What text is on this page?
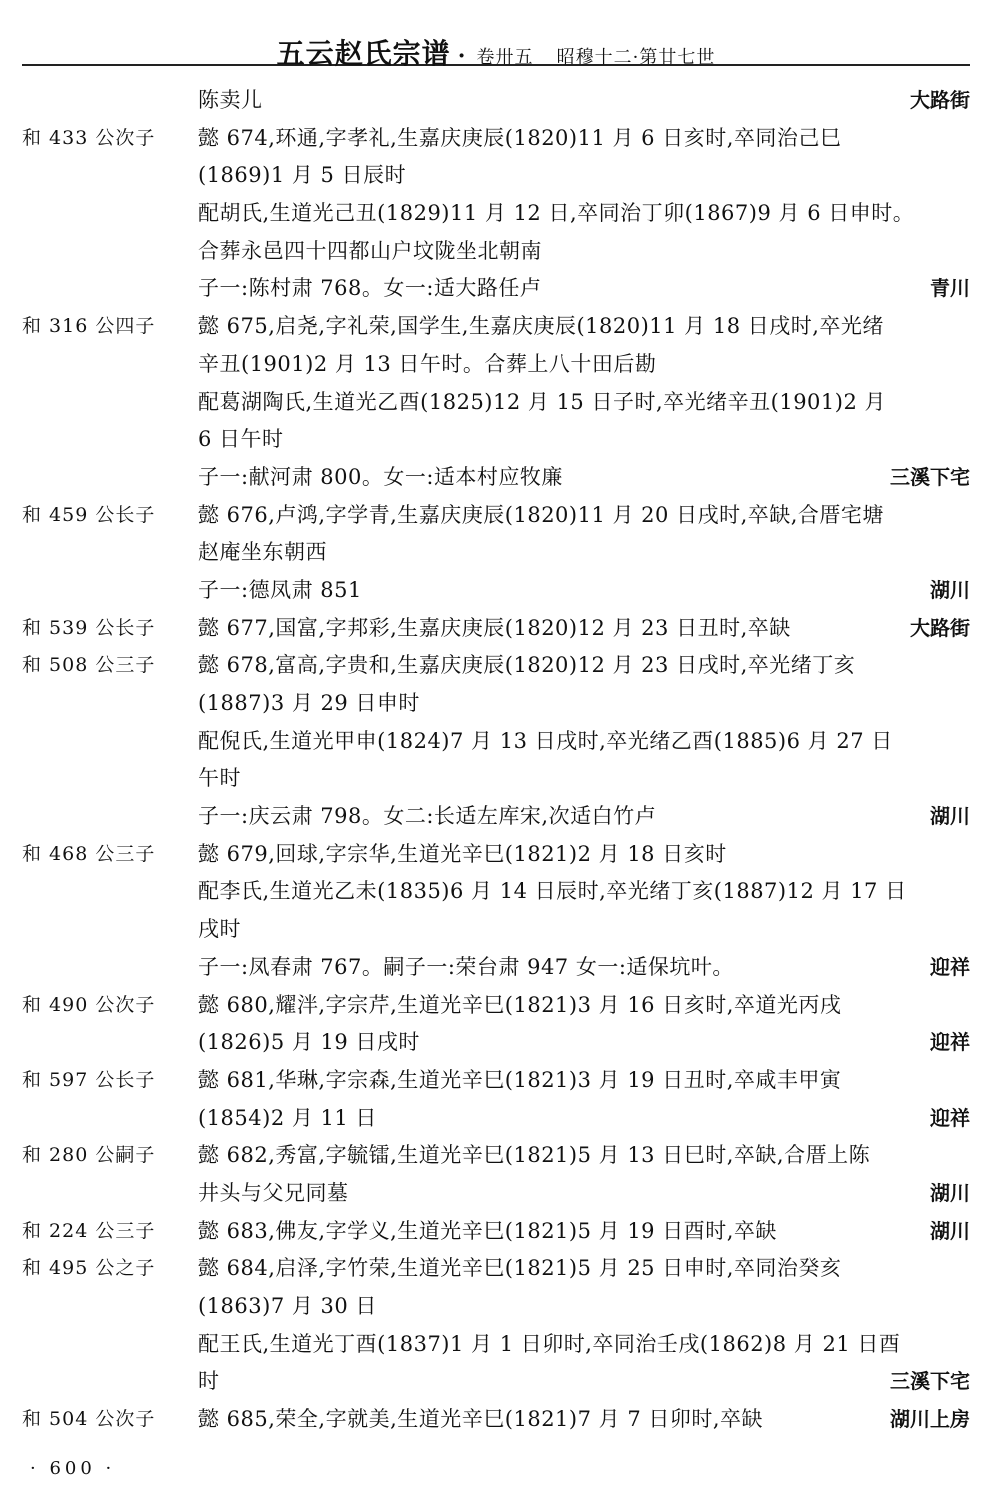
五云赵氏宗谱 · 卷卅五 昭穆十二·第廿七世
陈卖儿	大路街
和 433 公次子	懿 674,环通,字孝礼,生嘉庆庚辰(1820)11 月 6 日亥时,卒同治己巳
(1869)1 月 5 日辰时
配胡氏,生道光己丑(1829)11 月 12 日,卒同治丁卯(1867)9 月 6 日申时。
合葬永邑四十四都山户坟陇坐北朝南
子一:陈村肃 768。女一:适大路任卢	青川
和 316 公四子	懿 675,启尧,字礼荣,国学生,生嘉庆庚辰(1820)11 月 18 日戌时,卒光绪
辛丑(1901)2 月 13 日午时。合葬上八十田后勘
配葛湖陶氏,生道光乙酉(1825)12 月 15 日子时,卒光绪辛丑(1901)2 月
6 日午时
子一:献河肃 800。女一:适本村应牧廉	三溪下宅
和 459 公长子	懿 676,卢鸿,字学青,生嘉庆庚辰(1820)11 月 20 日戌时,卒缺,合厝宅塘
赵庵坐东朝西
子一:德凤肃 851	湖川
和 539 公长子	懿 677,国富,字邦彩,生嘉庆庚辰(1820)12 月 23 日丑时,卒缺	大路街
和 508 公三子	懿 678,富高,字贵和,生嘉庆庚辰(1820)12 月 23 日戌时,卒光绪丁亥
(1887)3 月 29 日申时
配倪氏,生道光甲申(1824)7 月 13 日戌时,卒光绪乙酉(1885)6 月 27 日
午时
子一:庆云肃 798。女二:长适左库宋,次适白竹卢	湖川
和 468 公三子	懿 679,回球,字宗华,生道光辛巳(1821)2 月 18 日亥时
配李氏,生道光乙未(1835)6 月 14 日辰时,卒光绪丁亥(1887)12 月 17 日
戌时
子一:凤春肃 767。嗣子一:荣台肃 947 女一:适保坑叶。	迎祥
和 490 公次子	懿 680,耀泮,字宗芹,生道光辛巳(1821)3 月 16 日亥时,卒道光丙戌
(1826)5 月 19 日戌时	迎祥
和 597 公长子	懿 681,华琳,字宗森,生道光辛巳(1821)3 月 19 日丑时,卒咸丰甲寅
(1854)2 月 11 日	迎祥
和 280 公嗣子	懿 682,秀富,字毓镭,生道光辛巳(1821)5 月 13 日巳时,卒缺,合厝上陈
井头与父兄同墓	湖川
和 224 公三子	懿 683,佛友,字学义,生道光辛巳(1821)5 月 19 日酉时,卒缺	湖川
和 495 公之子	懿 684,启泽,字竹荣,生道光辛巳(1821)5 月 25 日申时,卒同治癸亥
(1863)7 月 30 日
配王氏,生道光丁酉(1837)1 月 1 日卯时,卒同治壬戌(1862)8 月 21 日酉
时	三溪下宅
和 504 公次子	懿 685,荣全,字就美,生道光辛巳(1821)7 月 7 日卯时,卒缺	湖川上房
· 600 ·
